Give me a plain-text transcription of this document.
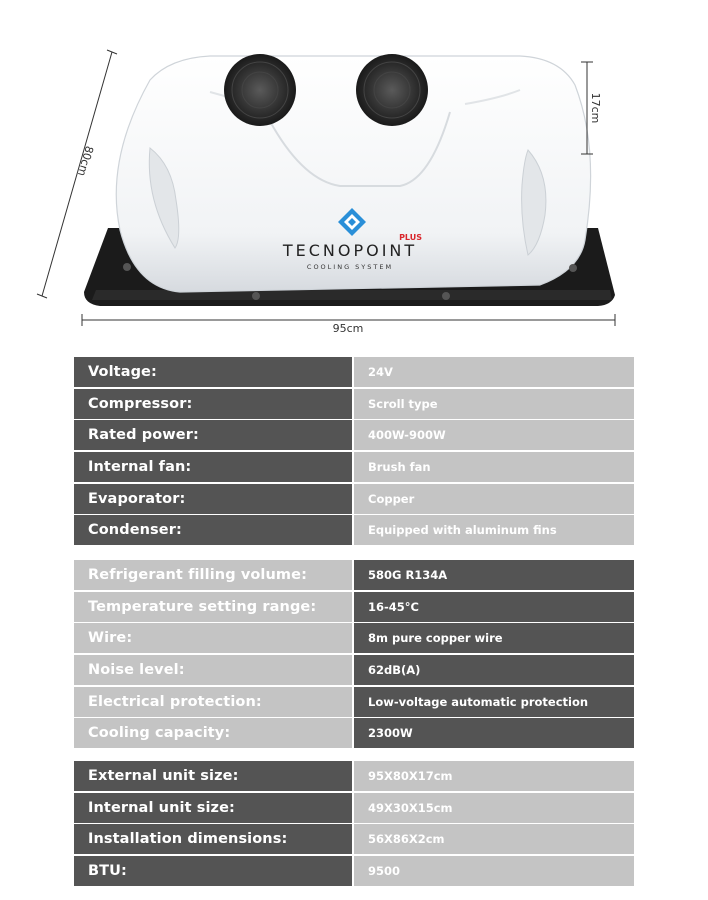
PLUS
TECNOPOINT
COOLING SYSTEM
95cm
80cm
17cm
Voltage:	24V
Compressor:	Scroll type
Rated power:	400W-900W
Internal fan:	Brush fan
Evaporator:	Copper
Condenser:	Equipped with aluminum fins
Refrigerant filling volume:	580G R134A
Temperature setting range:	16-45°C
Wire:	8m pure copper wire
Noise level:	62dB(A)
Electrical protection:	Low-voltage automatic protection
Cooling capacity:	2300W
External unit size:	95X80X17cm
Internal unit size:	49X30X15cm
Installation dimensions:	56X86X2cm
BTU:	9500
